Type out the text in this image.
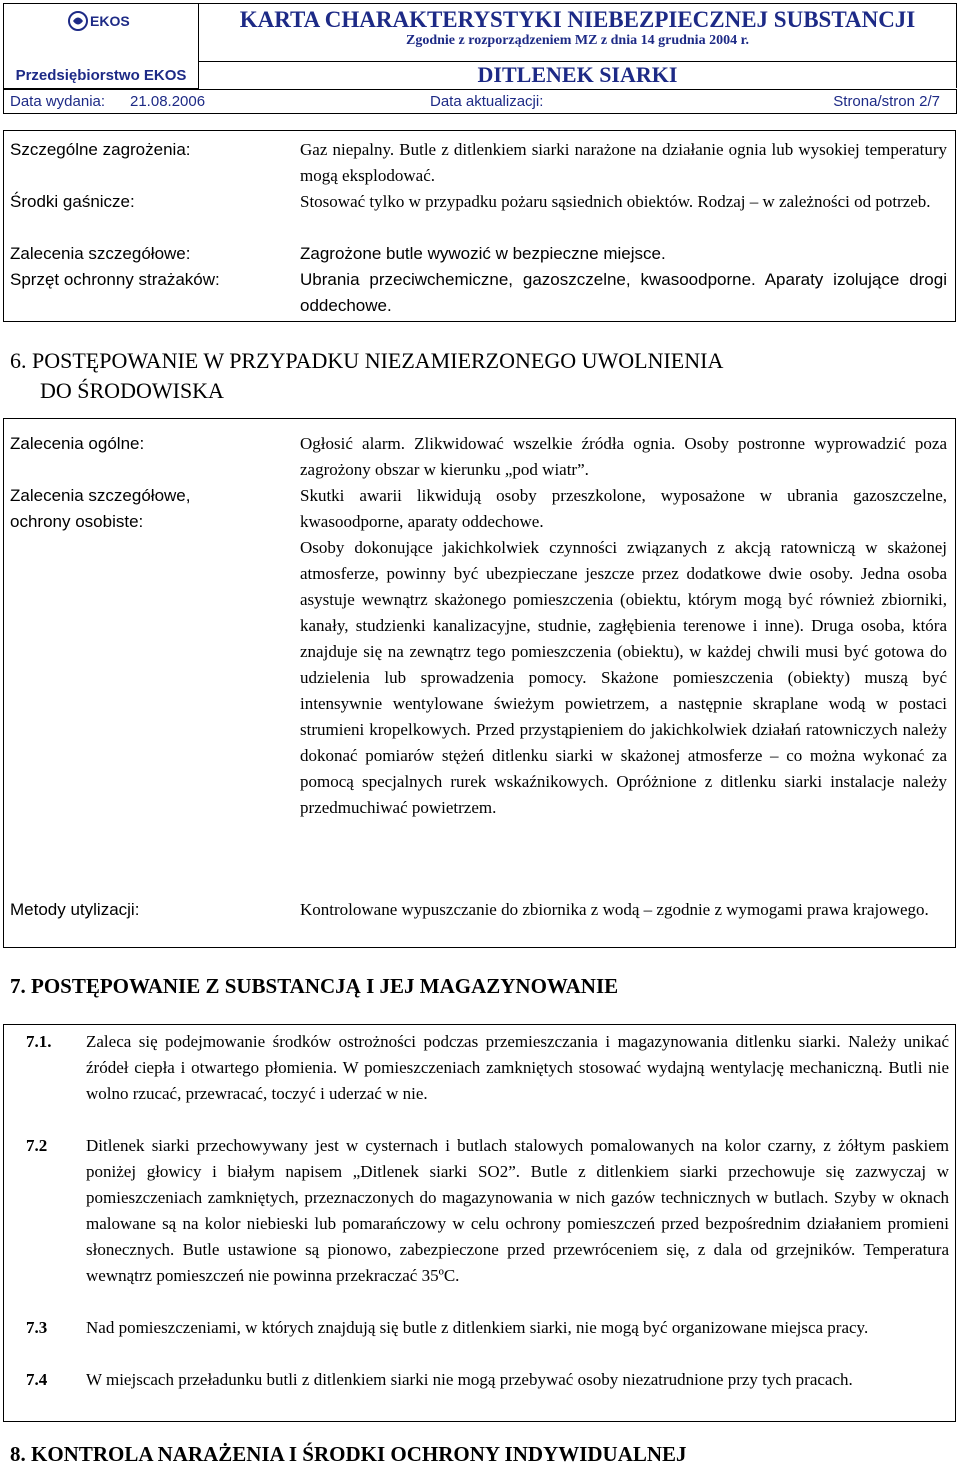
EKOS
Przedsiębiorstwo EKOS

KARTA CHARAKTERYSTYKI NIEBEZPIECZNEJ SUBSTANCJI
Zgodnie z rozporządzeniem MZ z dnia 14 grudnia 2004 r.

DITLENEK SIARKI
Data wydania:	21.08.2006	Data aktualizacji:	Strona/stron 2/7
Szczególne zagrożenia:	Gaz niepalny. Butle z ditlenkiem siarki narażone na działanie ognia lub wysokiej temperatury mogą eksplodować.
Środki gaśnicze:	Stosować tylko w przypadku pożaru sąsiednich obiektów. Rodzaj – w zależności od potrzeb.
Zalecenia szczegółowe:	Zagrożone butle wywozić w bezpieczne miejsce.
Sprzęt ochronny strażaków:	Ubrania przeciwchemiczne, gazoszczelne, kwasoodporne. Aparaty izolujące drogi oddechowe.
6. POSTĘPOWANIE W PRZYPADKU NIEZAMIERZONEGO UWOLNIENIA
DO ŚRODOWISKA
Zalecenia ogólne:	Ogłosić alarm. Zlikwidować wszelkie źródła ognia. Osoby postronne wyprowadzić poza zagrożony obszar w kierunku „pod wiatr”.
Zalecenia szczegółowe,
ochrony osobiste:
Skutki awarii likwidują osoby przeszkolone, wyposażone w ubrania gazoszczelne, kwasoodporne, aparaty oddechowe.
Osoby dokonujące jakichkolwiek czynności związanych z akcją ratowniczą w skażonej atmosferze, powinny być ubezpieczane jeszcze przez dodatkowe dwie osoby. Jedna osoba asystuje wewnątrz skażonego pomieszczenia (obiektu, którym mogą być również zbiorniki, kanały, studzienki kanalizacyjne, studnie, zagłębienia terenowe i inne). Druga osoba, która znajduje się na zewnątrz tego pomieszczenia (obiektu), w każdej chwili musi być gotowa do udzielenia lub sprowadzenia pomocy. Skażone pomieszczenia (obiekty) muszą być intensywnie wentylowane świeżym powietrzem, a następnie skraplane wodą w postaci strumieni kropelkowych. Przed przystąpieniem do jakichkolwiek działań ratowniczych należy dokonać pomiarów stężeń ditlenku siarki w skażonej atmosferze – co można wykonać za pomocą specjalnych rurek wskaźnikowych. Opróżnione z ditlenku siarki instalacje należy przedmuchiwać powietrzem.
Metody utylizacji:	Kontrolowane wypuszczanie do zbiornika z wodą – zgodnie z wymogami prawa krajowego.
7. POSTĘPOWANIE Z SUBSTANCJĄ I JEJ MAGAZYNOWANIE
7.1. Zaleca się podejmowanie środków ostrożności podczas przemieszczania i magazynowania ditlenku siarki. Należy unikać źródeł ciepła i otwartego płomienia. W pomieszczeniach zamkniętych stosować wydajną wentylację mechaniczną. Butli nie wolno rzucać, przewracać, toczyć i uderzać w nie.
7.2 Ditlenek siarki przechowywany jest w cysternach i butlach stalowych pomalowanych na kolor czarny, z żółtym paskiem poniżej głowicy i białym napisem „Ditlenek siarki SO2”. Butle z ditlenkiem siarki przechowuje się zazwyczaj w pomieszczeniach zamkniętych, przeznaczonych do magazynowania w nich gazów technicznych w butlach. Szyby w oknach malowane są na kolor niebieski lub pomarańczowy w celu ochrony pomieszczeń przed bezpośrednim działaniem promieni słonecznych. Butle ustawione są pionowo, zabezpieczone przed przewróceniem się, z dala od grzejników. Temperatura wewnątrz pomieszczeń nie powinna przekraczać 35ºC.
7.3 Nad pomieszczeniami, w których znajdują się butle z ditlenkiem siarki, nie mogą być organizowane miejsca pracy.
7.4 W miejscach przeładunku butli z ditlenkiem siarki nie mogą przebywać osoby niezatrudnione przy tych pracach.
8. KONTROLA NARAŻENIA I ŚRODKI OCHRONY INDYWIDUALNEJ
